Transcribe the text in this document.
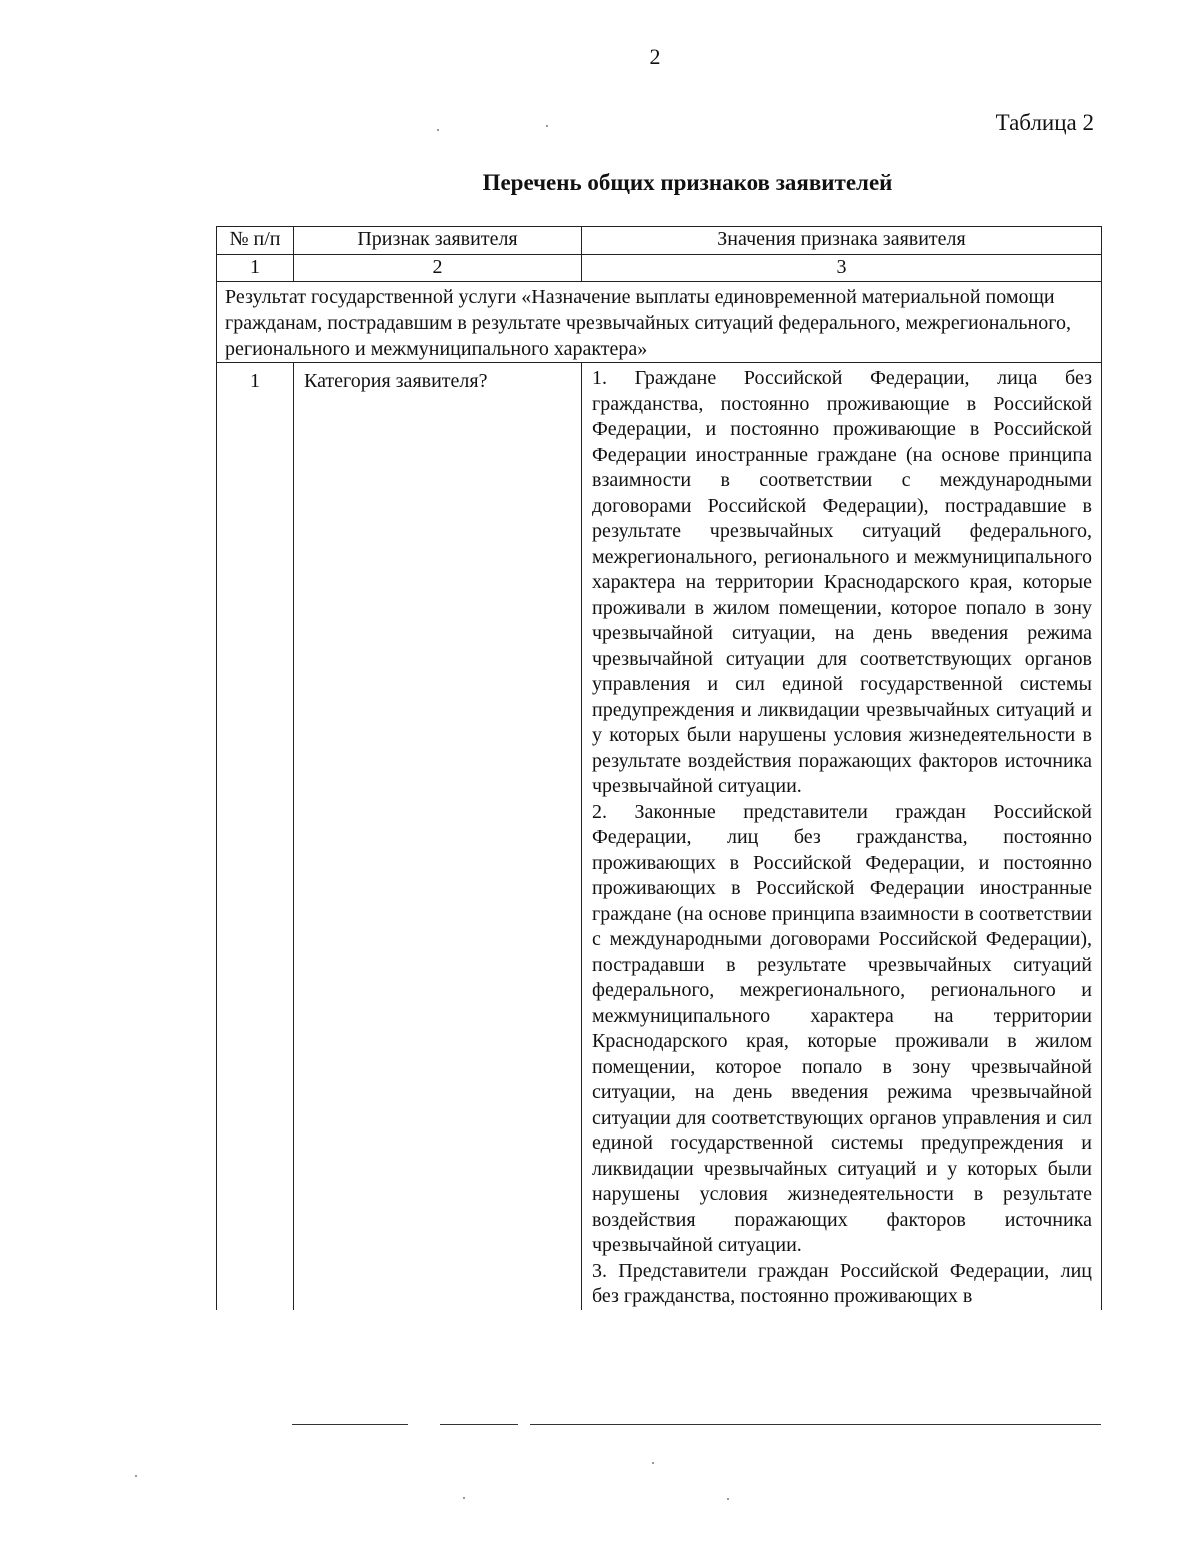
2
Таблица 2
Перечень общих признаков заявителей
№ п/п	Признак заявителя	Значения признака заявителя
1	2	3
Результат государственной услуги «Назначение выплаты единовременной материальной помощи гражданам, пострадавшим в результате чрезвычайных ситуаций федерального, межрегионального, регионального и межмуниципального характера»		
1	Категория заявителя?	1. Граждане Российской Федерации, лица без гражданства, постоянно проживающие в Российской Федерации, и постоянно проживающие в Российской Федерации иностранные граждане (на основе принципа взаимности в соответствии с международными договорами Российской Федерации), пострадавшие в результате чрезвычайных ситуаций федерального, межрегионального, регионального и межмуниципального характера на территории Краснодарского края, которые проживали в жилом помещении, которое попало в зону чрезвычайной ситуации, на день введения режима чрезвычайной ситуации для соответствующих органов управления и сил единой государственной системы предупреждения и ликвидации чрезвычайных ситуаций и у которых были нарушены условия жизнедеятельности в результате воздействия поражающих факторов источника чрезвычайной ситуации.

2. Законные представители граждан Российской Федерации, лиц без гражданства, постоянно проживающих в Российской Федерации, и постоянно проживающих в Российской Федерации иностранные граждане (на основе принципа взаимности в соответствии с международными договорами Российской Федерации), пострадавши в результате чрезвычайных ситуаций федерального, межрегионального, регионального и межмуниципального характера на территории Краснодарского края, которые проживали в жилом помещении, которое попало в зону чрезвычайной ситуации, на день введения режима чрезвычайной ситуации для соответствующих органов управления и сил единой государственной системы предупреждения и ликвидации чрезвычайных ситуаций и у которых были нарушены условия жизнедеятельности в результате воздействия поражающих факторов источника чрезвычайной ситуации.

3. Представители граждан Российской Федерации, лиц без гражданства, постоянно проживающих в
